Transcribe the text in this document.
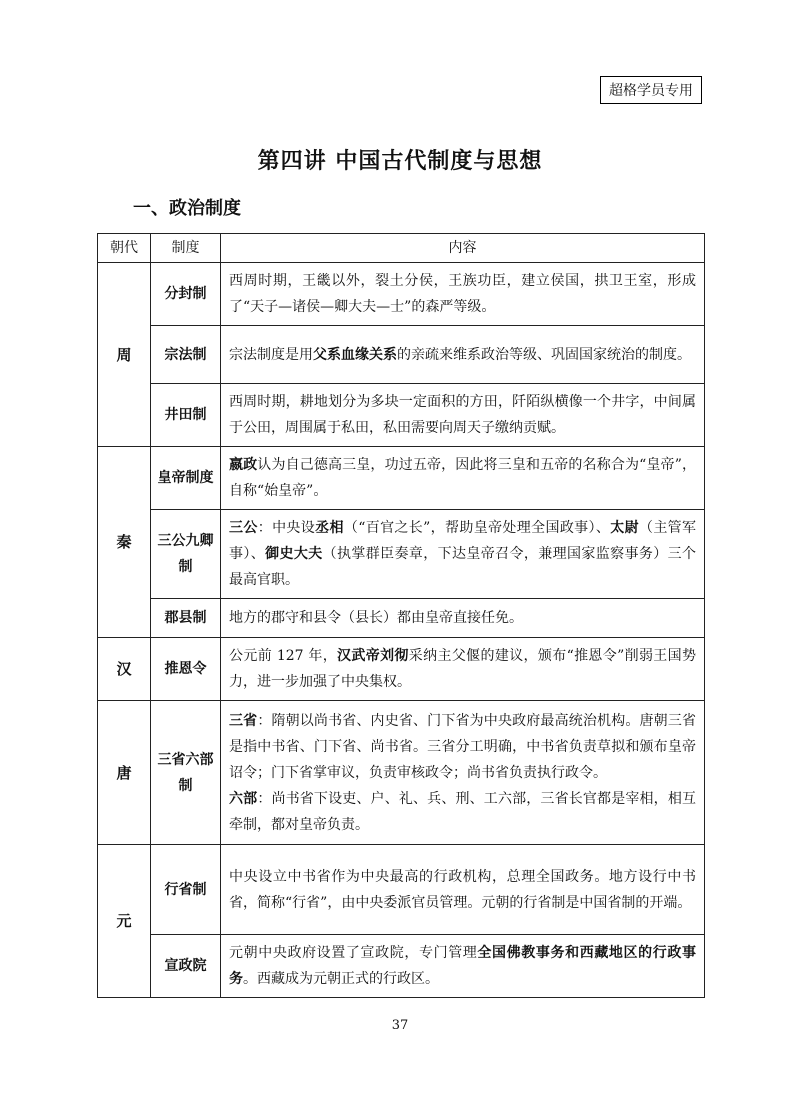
超格学员专用
第四讲 中国古代制度与思想
一、政治制度
朝代	制度	内容
周	分封制	西周时期，王畿以外，裂土分侯，王族功臣，建立侯国，拱卫王室，形成了“天子—诸侯—卿大夫—士”的森严等级。
	宗法制	宗法制度是用父系血缘关系的亲疏来维系政治等级、巩固国家统治的制度。
	井田制	西周时期，耕地划分为多块一定面积的方田，阡陌纵横像一个井字，中间属于公田，周围属于私田，私田需要向周天子缴纳贡赋。
秦	皇帝制度	嬴政认为自己德高三皇，功过五帝，因此将三皇和五帝的名称合为“皇帝”，自称“始皇帝”。
	三公九卿制	三公：中央设丞相（“百官之长”，帮助皇帝处理全国政事）、太尉（主管军事）、御史大夫（执掌群臣奏章，下达皇帝召令，兼理国家监察事务）三个最高官职。
	郡县制	地方的郡守和县令（县长）都由皇帝直接任免。
汉	推恩令	公元前 127 年，汉武帝刘彻采纳主父偃的建议，颁布“推恩令”削弱王国势力，进一步加强了中央集权。
唐	三省六部制	三省：隋朝以尚书省、内史省、门下省为中央政府最高统治机构。唐朝三省是指中书省、门下省、尚书省。三省分工明确，中书省负责草拟和颁布皇帝诏令；门下省掌审议，负责审核政令；尚书省负责执行政令。
六部：尚书省下设吏、户、礼、兵、刑、工六部，三省长官都是宰相，相互牵制，都对皇帝负责。
元	行省制	中央设立中书省作为中央最高的行政机构，总理全国政务。地方设行中书省，简称“行省”，由中央委派官员管理。元朝的行省制是中国省制的开端。
	宣政院	元朝中央政府设置了宣政院，专门管理全国佛教事务和西藏地区的行政事务。西藏成为元朝正式的行政区。
37
